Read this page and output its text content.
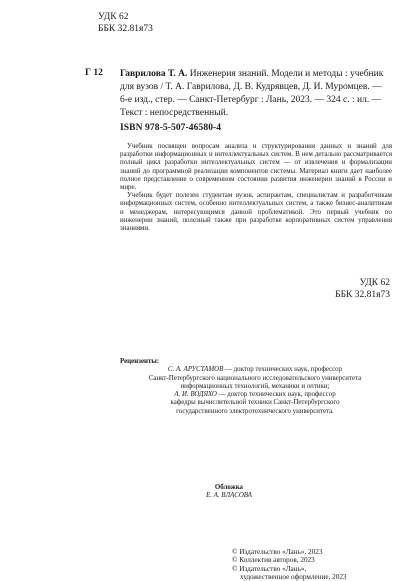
УДК 62
ББК 32.81я73
Г 12 Гаврилова Т. А. Инженерия знаний. Модели и методы : учебник для вузов / Т. А. Гаврилова, Д. В. Кудрявцев, Д. И. Муромцев. — 6-е изд., стер. — Санкт-Петербург : Лань, 2023. — 324 с. : ил. — Текст : непосредственный.
ISBN 978-5-507-46580-4

Учебник посвящен вопросам анализа и структурирования данных и знаний для разработки информационных и интеллектуальных систем. В нем детально рассматривается полный цикл разработки интеллектуальных систем — от извлечения и формализации знаний до программной реализации компонентов системы. Материал книги дает наиболее полное представление о современном состоянии развития инженерии знаний в России и мире.

Учебник будет полезен студентам вузов, аспирантам, специалистам и разработчикам информационных систем, особенно интеллектуальных систем, а также бизнес-аналитикам и менеджерам, интересующимся данной проблематикой. Это первый учебник по инженерии знаний, полезный также при разработке корпоративных систем управления знаниями.

УДК 62
ББК 32.81я73

Рецензенты:

С. А. АРУСТАМОВ — доктор технических наук, профессор

Санкт-Петербургского национального исследовательского университета

информационных технологий, механики и оптики;

А. И. ВОДЯХО — доктор технических наук, профессор

кафедры вычислительной техники Санкт-Петербургского

государственного электротехнического университета.

Обложка
Е. А. ВЛАСОВА
© Издательство «Лань», 2023
© Коллектив авторов, 2023
© Издательство «Лань»,
художественное оформление, 2023
